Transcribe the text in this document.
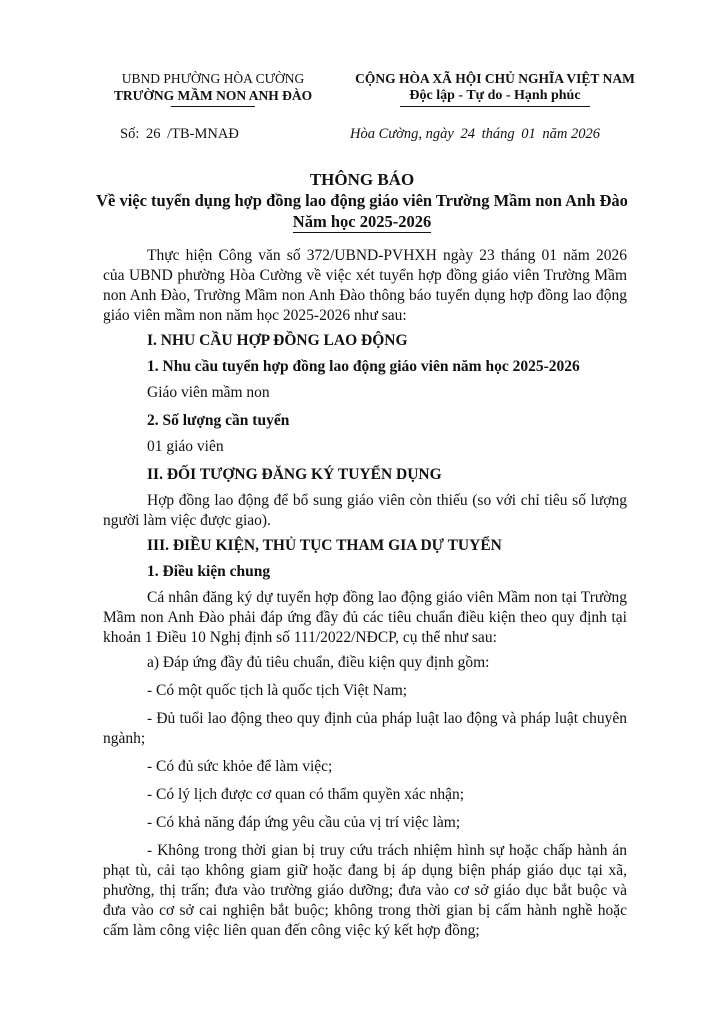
UBND PHƯỜNG HÒA CƯỜNG
TRƯỜNG MẦM NON ANH ĐÀO
CỘNG HÒA XÃ HỘI CHỦ NGHĨA VIỆT NAM
Độc lập - Tự do - Hạnh phúc
Số: 26 /TB-MNAĐ	Hòa Cường, ngày 24 tháng 01 năm 2026
THÔNG BÁO
Về việc tuyển dụng hợp đồng lao động giáo viên Trường Mầm non Anh Đào
Năm học 2025-2026

Thực hiện Công văn số 372/UBND-PVHXH ngày 23 tháng 01 năm 2026 của UBND phường Hòa Cường về việc xét tuyển hợp đồng giáo viên Trường Mầm non Anh Đào, Trường Mầm non Anh Đào thông báo tuyển dụng hợp đồng lao động giáo viên mầm non năm học 2025-2026 như sau:

I. NHU CẦU HỢP ĐỒNG LAO ĐỘNG
1. Nhu cầu tuyển hợp đồng lao động giáo viên năm học 2025-2026
Giáo viên mầm non
2. Số lượng cần tuyển
01 giáo viên
II. ĐỐI TƯỢNG ĐĂNG KÝ TUYỂN DỤNG

Hợp đồng lao động để bổ sung giáo viên còn thiếu (so với chỉ tiêu số lượng người làm việc được giao).

III. ĐIỀU KIỆN, THỦ TỤC THAM GIA DỰ TUYỂN
1. Điều kiện chung

Cá nhân đăng ký dự tuyển hợp đồng lao động giáo viên Mầm non tại Trường Mầm non Anh Đào phải đáp ứng đầy đủ các tiêu chuẩn điều kiện theo quy định tại khoản 1 Điều 10 Nghị định số 111/2022/NĐCP, cụ thể như sau:

a) Đáp ứng đầy đủ tiêu chuẩn, điều kiện quy định gồm:

- Có một quốc tịch là quốc tịch Việt Nam;

- Đủ tuổi lao động theo quy định của pháp luật lao động và pháp luật chuyên ngành;

- Có đủ sức khỏe để làm việc;

- Có lý lịch được cơ quan có thẩm quyền xác nhận;

- Có khả năng đáp ứng yêu cầu của vị trí việc làm;

- Không trong thời gian bị truy cứu trách nhiệm hình sự hoặc chấp hành án phạt tù, cải tạo không giam giữ hoặc đang bị áp dụng biện pháp giáo dục tại xã, phường, thị trấn; đưa vào trường giáo dưỡng; đưa vào cơ sở giáo dục bắt buộc và đưa vào cơ sở cai nghiện bắt buộc; không trong thời gian bị cấm hành nghề hoặc cấm làm công việc liên quan đến công việc ký kết hợp đồng;
